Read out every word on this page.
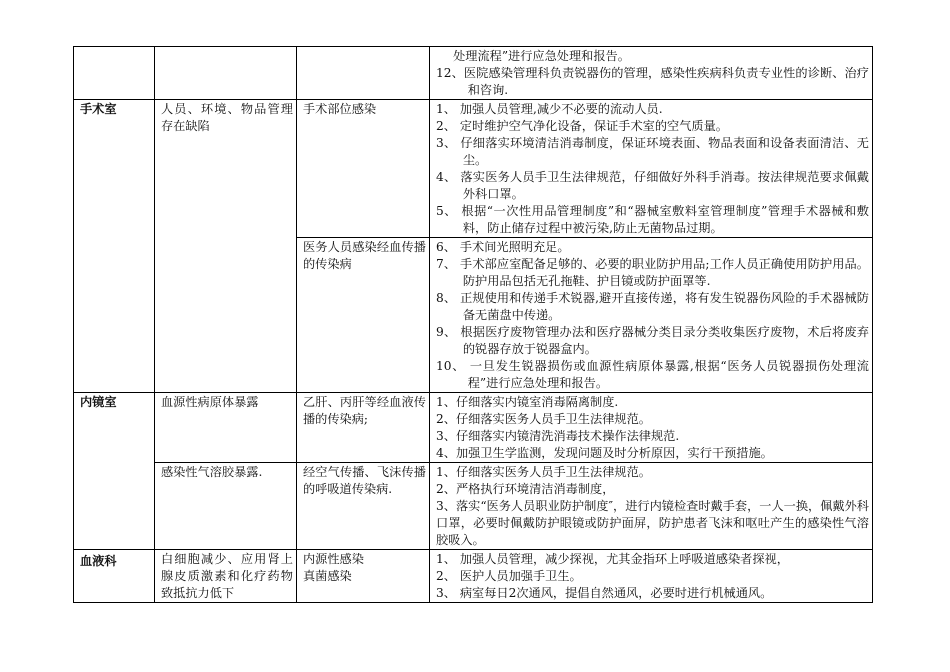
			处理流程”进行应急处理和报告。
12、医院感染管理科负责锐器伤的管理，感染性疾病科负责专业性的诊断、治疗和咨询.

手术室	人员、环境、物品管理存在缺陷	手术部位感染	1、 加强人员管理,减少不必要的流动人员.
2、 定时维护空气净化设备，保证手术室的空气质量。
3、 仔细落实环境清洁消毒制度，保证环境表面、物品表面和设备表面清洁、无尘。
4、 落实医务人员手卫生法律规范，仔细做好外科手消毒。按法律规范要求佩戴外科口罩。
5、 根据“一次性用品管理制度”和“器械室敷料室管理制度”管理手术器械和敷料，防止储存过程中被污染,防止无菌物品过期。

		医务人员感染经血传播的传染病	6、 手术间光照明充足。
7、 手术部应室配备足够的、必要的职业防护用品;工作人员正确使用防护用品。防护用品包括无孔拖鞋、护目镜或防护面罩等.
8、 正规使用和传递手术锐器,避开直接传递，将有发生锐器伤风险的手术器械防备无菌盘中传递。
9、 根据医疗废物管理办法和医疗器械分类目录分类收集医疗废物，术后将废弃的锐器存放于锐器盒内。
10、 一旦发生锐器损伤或血源性病原体暴露,根据“医务人员锐器损伤处理流程”进行应急处理和报告。

内镜室	血源性病原体暴露	乙肝、丙肝等经血液传播的传染病;	1、仔细落实内镜室消毒隔离制度.
2、仔细落实医务人员手卫生法律规范。
3、仔细落实内镜清洗消毒技术操作法律规范.
4、加强卫生学监测，发现问题及时分析原因，实行干预措施。

	感染性气溶胶暴露.	经空气传播、飞沫传播的呼吸道传染病.	1、仔细落实医务人员手卫生法律规范。
2、严格执行环境清洁消毒制度，
3、落实“医务人员职业防护制度″，进行内镜检查时戴手套，一人一换，佩戴外科口罩，必要时佩戴防护眼镜或防护面屏，防护患者飞沫和呕吐产生的感染性气溶胶吸入。

血液科	白细胞减少、应用肾上腺皮质激素和化疗药物致抵抗力低下	内源性感染
真菌感染	1、 加强人员管理，减少探视，尤其金指环上呼吸道感染者探视，
2、 医护人员加强手卫生。
3、 病室每日2次通风，提倡自然通风，必要时进行机械通风。
